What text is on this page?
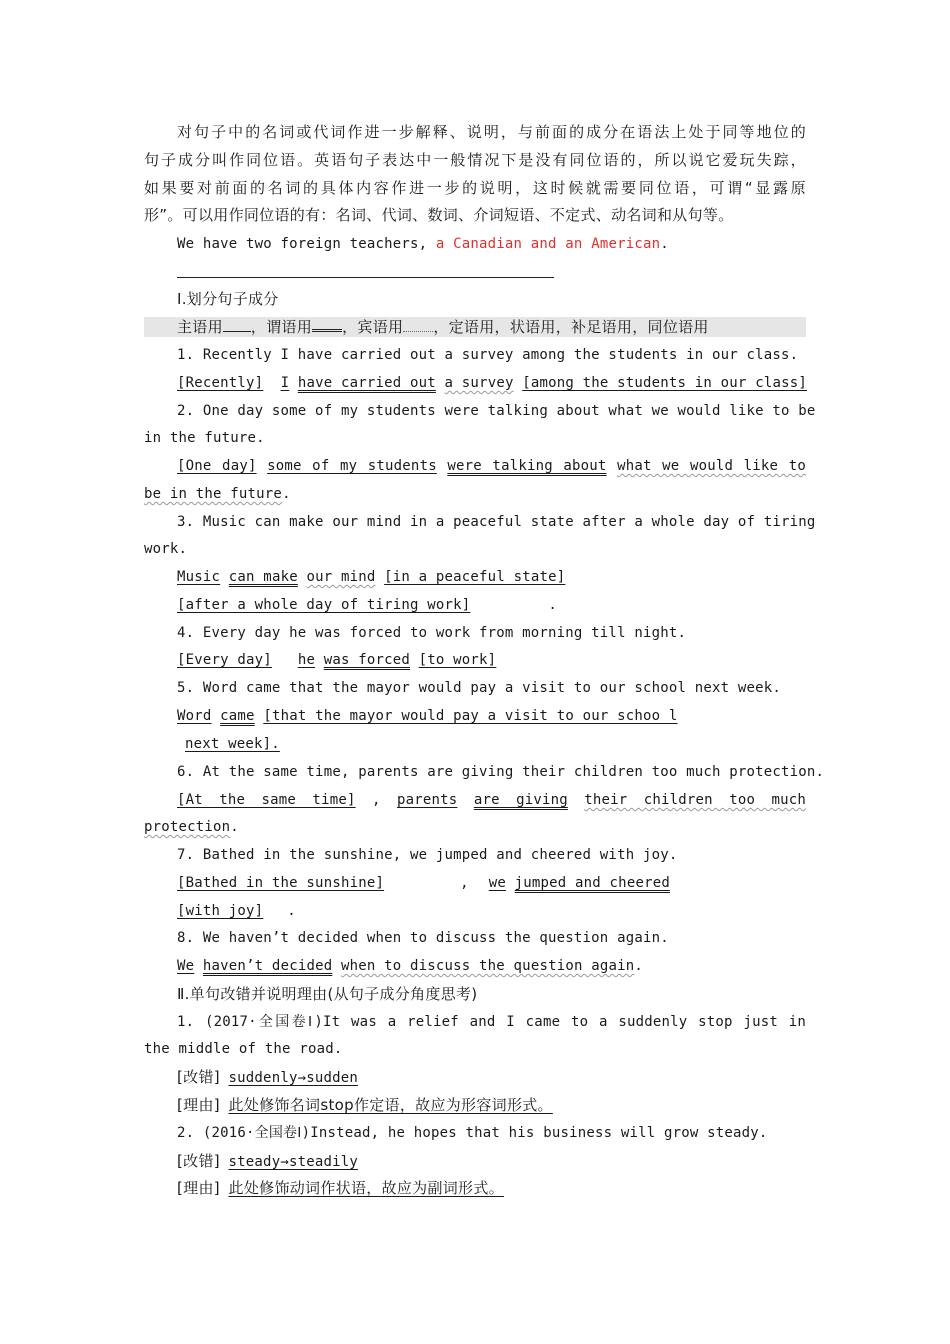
对句子中的名词或代词作进一步解释、说明，与前面的成分在语法上处于同等地位的
句子成分叫作同位语。英语句子表达中一般情况下是没有同位语的，所以说它爱玩失踪，
如果要对前面的名词的具体内容作进一步的说明，这时候就需要同位语，可谓“显露原
形”。可以用作同位语的有：名词、代词、数词、介词短语、不定式、动名词和从句等。
We have two foreign teachers, a Canadian and an American.
Ⅰ.划分句子成分
主语用 ，谓语用 ，宾语用 ，定语用，状语用，补足语用，同位语用
1. Recently I have carried out a survey among the students in our class.
[Recently] I have carried out a survey [among the students in our class]
2. One day some of my students were talking about what we would like to be
in the future.
[One day] some of my students were talking about what we would like to
be in the future.
3. Music can make our mind in a peaceful state after a whole day of tiring
work.
Music can make our mind [in a peaceful state]
[after a whole day of tiring work]	.
4. Every day he was forced to work from morning till night.
[Every day] he was forced [to work]
5. Word came that the mayor would pay a visit to our school next week.
Word came [that the mayor would pay a visit to our schoo l
next week].
6. At the same time, parents are giving their children too much protection.
[At the same time] , parents are giving their children too much
protection.
7. Bathed in the sunshine, we jumped and cheered with joy.
[Bathed in the sunshine]	, we jumped and cheered
[with joy] .
8. We haven’t decided when to discuss the question again.
We haven’t decided when to discuss the question again.
Ⅱ.单句改错并说明理由(从句子成分角度思考)
1. (2017·全国卷Ⅰ)It was a relief and I came to a suddenly stop just in
the middle of the road.
[改错] suddenly→sudden
[理由] 此处修饰名词stop作定语，故应为形容词形式。
2. (2016·全国卷Ⅰ)Instead, he hopes that his business will grow steady.
[改错] steady→steadily
[理由] 此处修饰动词作状语，故应为副词形式。
